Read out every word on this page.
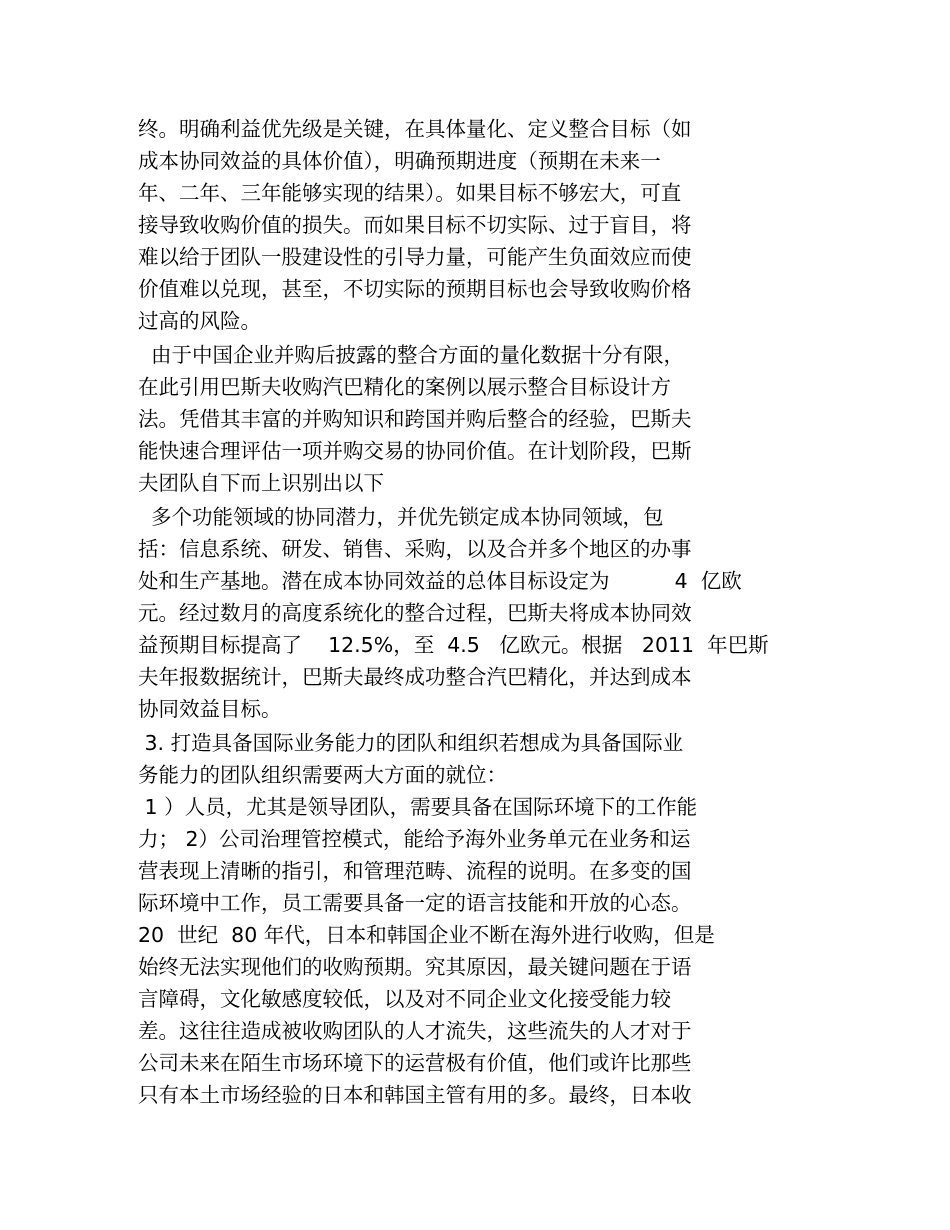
终。明确利益优先级是关键，在具体量化、定义整合目标（如
成本协同效益的具体价值），明确预期进度（预期在未来一
年、二年、三年能够实现的结果）。如果目标不够宏大，可直
接导致收购价值的损失。而如果目标不切实际、过于盲目，将
难以给于团队一股建设性的引导力量，可能产生负面效应而使
价值难以兑现，甚至，不切实际的预期目标也会导致收购价格
过高的风险。
由于中国企业并购后披露的整合方面的量化数据十分有限，
在此引用巴斯夫收购汽巴精化的案例以展示整合目标设计方
法。凭借其丰富的并购知识和跨国并购后整合的经验，巴斯夫
能快速合理评估一项并购交易的协同价值。在计划阶段，巴斯
夫团队自下而上识别出以下
多个功能领域的协同潜力，并优先锁定成本协同领域，包
括：信息系统、研发、销售、采购，以及合并多个地区的办事
处和生产基地。潜在成本协同效益的总体目标设定为          4  亿欧
元。经过数月的高度系统化的整合过程，巴斯夫将成本协同效
益预期目标提高了    12.5%，至  4.5   亿欧元。根据   2011  年巴斯
夫年报数据统计，巴斯夫最终成功整合汽巴精化，并达到成本
协同效益目标。
3. 打造具备国际业务能力的团队和组织若想成为具备国际业
务能力的团队组织需要两大方面的就位：
1 ）人员，尤其是领导团队，需要具备在国际环境下的工作能
力； 2）公司治理管控模式，能给予海外业务单元在业务和运
营表现上清晰的指引，和管理范畴、流程的说明。在多变的国
际环境中工作，员工需要具备一定的语言技能和开放的心态。
20  世纪  80 年代，日本和韩国企业不断在海外进行收购，但是
始终无法实现他们的收购预期。究其原因，最关键问题在于语
言障碍，文化敏感度较低，以及对不同企业文化接受能力较
差。这往往造成被收购团队的人才流失，这些流失的人才对于
公司未来在陌生市场环境下的运营极有价值，他们或许比那些
只有本土市场经验的日本和韩国主管有用的多。最终，日本收
